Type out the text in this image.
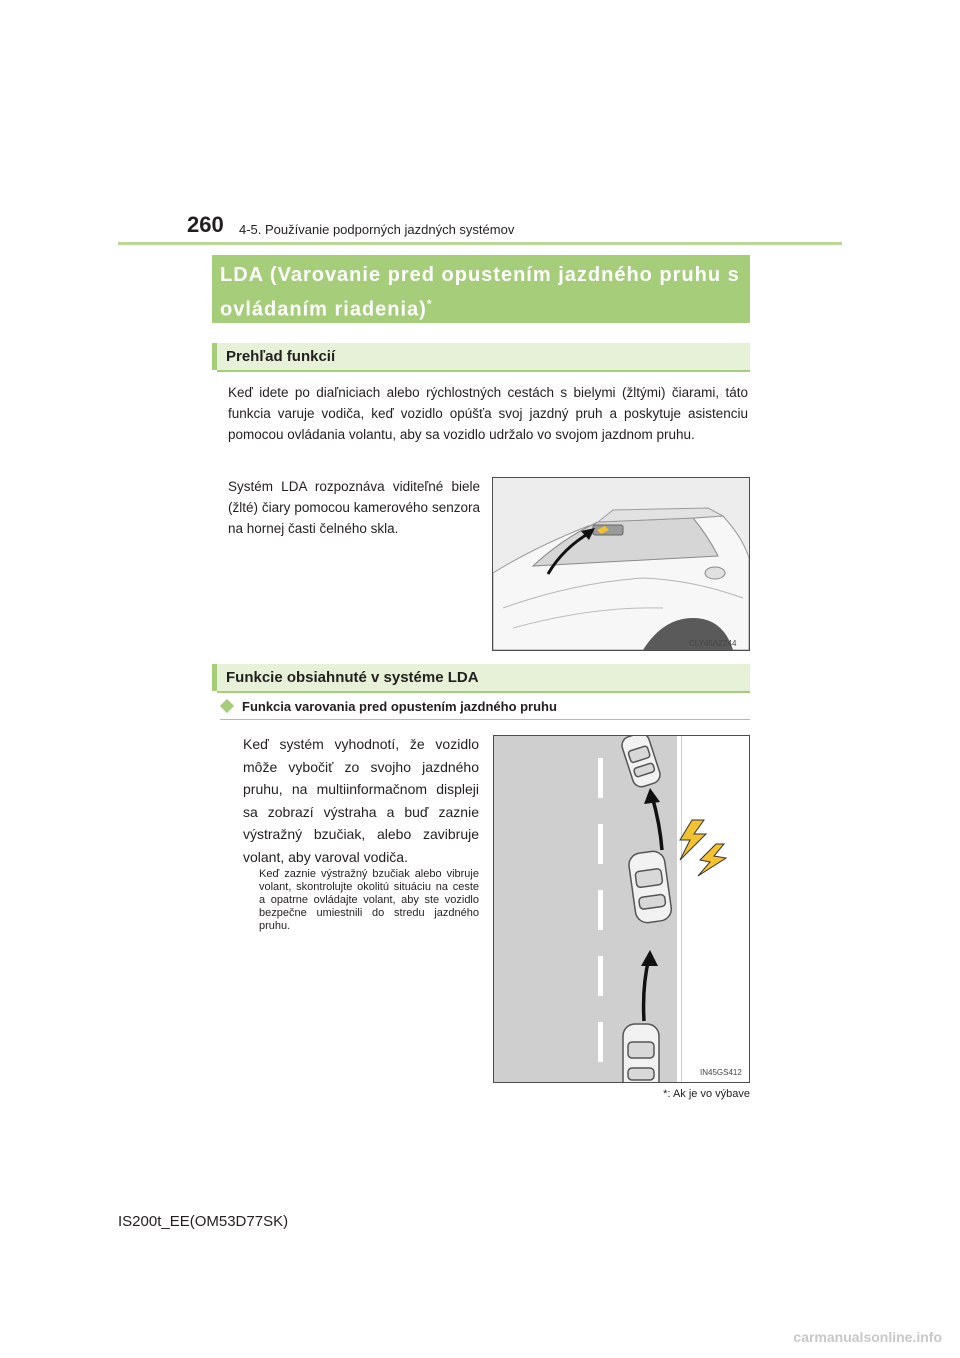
260 4-5. Používanie podporných jazdných systémov
LDA (Varovanie pred opustením jazdného pruhu s ovládaním riadenia)*
Prehľad funkcií
Keď idete po diaľniciach alebo rýchlostných cestách s bielymi (žltými) čiarami, táto funkcia varuje vodiča, keď vozidlo opúšťa svoj jazdný pruh a poskytuje asistenciu pomocou ovládania volantu, aby sa vozidlo udržalo vo svojom jazdnom pruhu.
Systém LDA rozpoznáva viditeľné biele (žlté) čiary pomocou kamerového senzora na hornej časti čelného skla.
CLY45AZ244
Funkcie obsiahnuté v systéme LDA
Funkcia varovania pred opustením jazdného pruhu
Keď systém vyhodnotí, že vozidlo môže vybočiť zo svojho jazdného pruhu, na multiinformačnom displeji sa zobrazí výstraha a buď zaznie výstražný bzučiak, alebo zavibruje volant, aby varoval vodiča.
Keď zaznie výstražný bzučiak alebo vibruje volant, skontrolujte okolitú situáciu na ceste a opatrne ovládajte volant, aby ste vozidlo bezpečne umiestnili do stredu jazdného pruhu.
IN45GS412
*: Ak je vo výbave
IS200t_EE(OM53D77SK)
carmanualsonline.info
